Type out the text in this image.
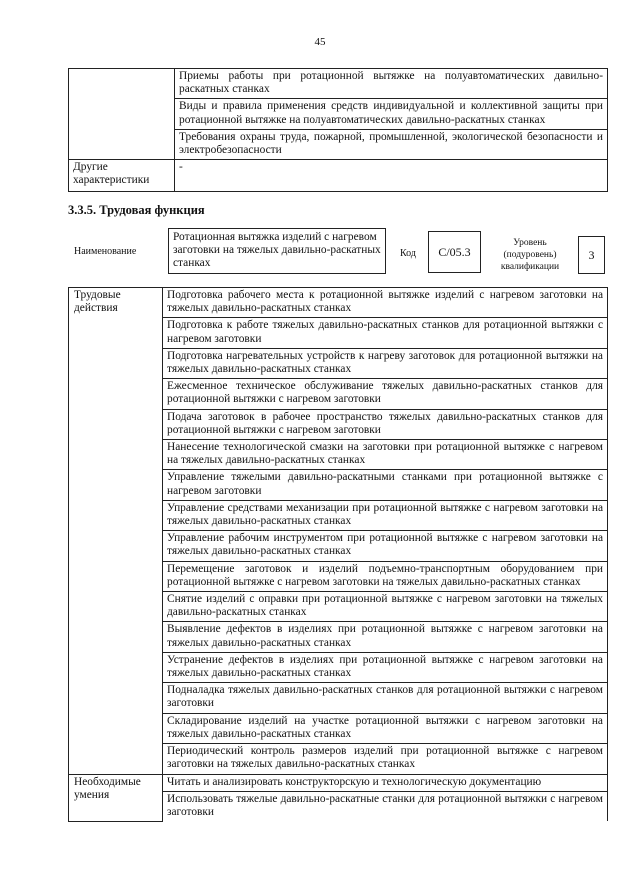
45
	Приемы работы при ротационной вытяжке на полуавтоматических давильно-раскатных станках
	Виды и правила применения средств индивидуальной и коллективной защиты при ротационной вытяжке на полуавтоматических давильно-раскатных станках
	Требования охраны труда, пожарной, промышленной, экологической безопасности и электробезопасности
Другие характеристики	-
3.3.5. Трудовая функция
Наименование
Ротационная вытяжка изделий с нагревом заготовки на тяжелых давильно-раскатных станках
Код	C/05.3
Уровень (подуровень) квалификации
3
Трудовые действия	Подготовка рабочего места к ротационной вытяжке изделий с нагревом заготовки на тяжелых давильно-раскатных станках
	Подготовка к работе тяжелых давильно-раскатных станков для ротационной вытяжки с нагревом заготовки
	Подготовка нагревательных устройств к нагреву заготовок для ротационной вытяжки на тяжелых давильно-раскатных станках
	Ежесменное техническое обслуживание тяжелых давильно-раскатных станков для ротационной вытяжки с нагревом заготовки
	Подача заготовок в рабочее пространство тяжелых давильно-раскатных станков для ротационной вытяжки с нагревом заготовки
	Нанесение технологической смазки на заготовки при ротационной вытяжке с нагревом на тяжелых давильно-раскатных станках
	Управление тяжелыми давильно-раскатными станками при ротационной вытяжке с нагревом заготовки
	Управление средствами механизации при ротационной вытяжке с нагревом заготовки на тяжелых давильно-раскатных станках
	Управление рабочим инструментом при ротационной вытяжке с нагревом заготовки на тяжелых давильно-раскатных станках
	Перемещение заготовок и изделий подъемно-транспортным оборудованием при ротационной вытяжке с нагревом заготовки на тяжелых давильно-раскатных станках
	Снятие изделий с оправки при ротационной вытяжке с нагревом заготовки на тяжелых давильно-раскатных станках
	Выявление дефектов в изделиях при ротационной вытяжке с нагревом заготовки на тяжелых давильно-раскатных станках
	Устранение дефектов в изделиях при ротационной вытяжке с нагревом заготовки на тяжелых давильно-раскатных станках
	Подналадка тяжелых давильно-раскатных станков для ротационной вытяжки с нагревом заготовки
	Складирование изделий на участке ротационной вытяжки с нагревом заготовки на тяжелых давильно-раскатных станках
	Периодический контроль размеров изделий при ротационной вытяжке с нагревом заготовки на тяжелых давильно-раскатных станках
Необходимые умения	Читать и анализировать конструкторскую и технологическую документацию
	Использовать тяжелые давильно-раскатные станки для ротационной вытяжки с нагревом заготовки
